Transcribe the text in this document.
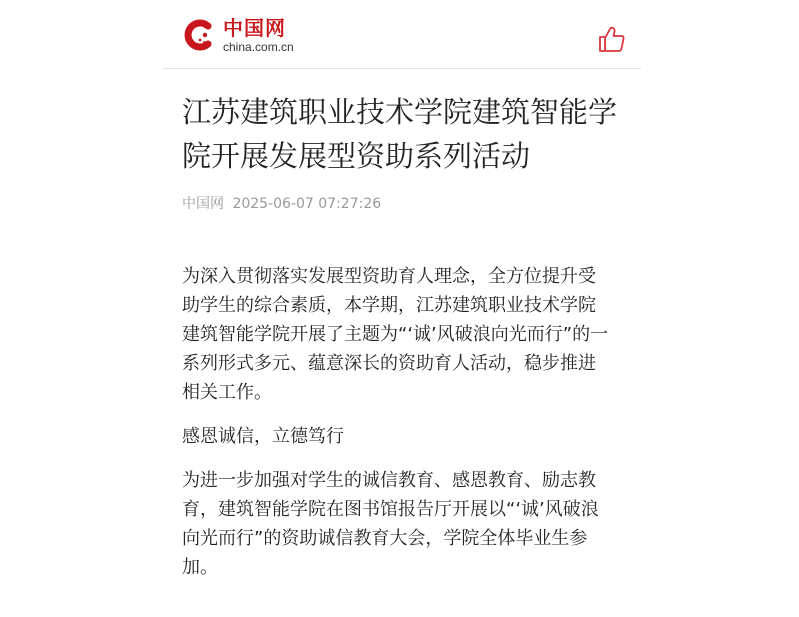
中国网
china.com.cn
江苏建筑职业技术学院建筑智能学院开展发展型资助系列活动
中国网 2025-06-07 07:27:26

为深入贯彻落实发展型资助育人理念，全方位提升受助学生的综合素质，本学期，江苏建筑职业技术学院建筑智能学院开展了主题为“‘诚’风破浪向光而行”的一系列形式多元、蕴意深长的资助育人活动，稳步推进相关工作。

感恩诚信，立德笃行

为进一步加强对学生的诚信教育、感恩教育、励志教育，建筑智能学院在图书馆报告厅开展以“‘诚’风破浪向光而行”的资助诚信教育大会，学院全体毕业生参加。
